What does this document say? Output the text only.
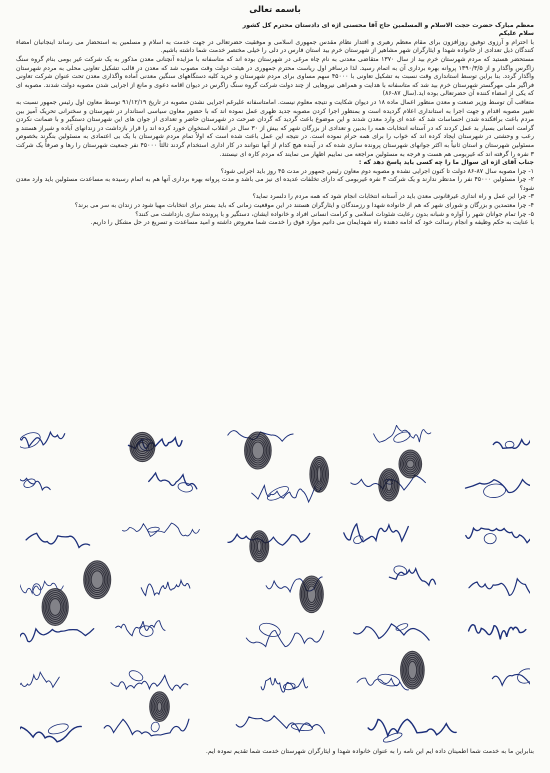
باسمه تعالی
معظم مبارک حضرت حجت الاسلام و المسلمین حاج آقا محسنی اژه ای دادستان محترم کل کشور
سلام علیکم

با احترام و آرزوی توفیق روزافزون برای مقام معظم رهبری و اقتدار نظام مقدس جمهوری اسلامی و موفقیت حضرتعالی در جهت خدمت به اسلام و مسلمین به استحضار می رساند اینجانبان امضاء کنندگان ذیل تعدادی از خانواده شهدا و ایثارگران شهر مشاهیر از شهرستان خرم بید استان فارس در دلی را خیلی مختصر خدمت شما داشته باشیم.

مستحضر هستید که مردم شهرستان خرم بید از سال ۱۳۷۰ متقاضی معدنی به نام چاه مرغی در شهرستان بوده اند که متاسفانه با مزایده آنچنانی معدن مذکور به یک شرکت غیر بومی بنام گروه سنگ زاگرس واگذار و از ۱۳۹۰/۳/۵ پروانه بهره برداری آن به اتمام رسید. لذا درسافر اول ریاست محترم جمهوری در هیئت دولت وقت مصوب شد که معدن در قالب تشکیل تعاونی محلی به مردم شهرستان واگذار گردد. بنا براین توسط استانداری وقت نسبت به تشکیل تعاونی با ۴۵۰۰۰ سهم مساوی برای مردم شهرستان و خرید کلیه دستگاههای سنگین معدنی آماده واگذاری معدن تحت عنوان شرکت تعاونی فراگیر ملی مهرگستر شهرستان خرم بید شد که متاسفانه با هدایت و همراهی نیروهایی از چند دولت شرکت گروه سنگ زاگرس در دیوان اقامه دعوی و مانع از اجرایی شدن مصوبه دولت شدند. مصوبه ای که یکی از امضاء کننده آن حضرتعالی بوده اید.(سال ۸۷-۸۶)

متعاقب آن توسط وزیر صنعت و معدن منظور اعمال ماده ۱۸ در دیوان شکایت و نتیجه معلوم نیست. امامتاسفانه علیرغم اجرایی نشدن مصوبه در تاریخ ۹۱/۱۲/۱۹ توسط معاون اول رئیس جمهور نسبت به تغییر مصوبه اقدام و جهت اجرا به استانداری اعلام گردیده است و بمنظور اجرا کردن مصوبه جدید ظهری عمل نموده اند که با حضور معاون سیاسی استاندار در شهرستان و سخنرانی تحریک آمیز بین مردم باعث برافکنده شدن احساسات شد که عده ای وارد معدن شدند و این موضوع باعث گردید که گردان صرحت در شهرستان حاضر و تعدادی از جوان های این شهرستان دستگیر و با ضمانت نکردن گرامت انسانی بسیار بد عمل کردند که در آستانه انتخابات همه را بدبین و تعدادی از بزرگان شهر که بیش از ۳۰ سال در انقلاب استخوان خورد کرده اند را قرار بازداشت در زندانهای آباده و شیراز هستند و رعب و وحشتی در شهرستان ایجاد کرده اند که خواب را برای همه حرام نموده است. در نتیجه این عمل باعث شده است که اولاً تمام مردم شهرستان با یک بی اعتمادی به مسئولین بنگرند بخصوص مسئولین شهرستان و استان ثانیاً به اکثر جوانهای شهرستان پرونده سازی شده که در آینده هیچ کدام از آنها نتوانند در کار اداری استخدام گردند ثالثاً ۴۵۰۰۰ نفر جمعیت شهرستان را رها و صرفاً یک شرکت ۳ نفره را گرفته اند که غیربومی هم هست و فرجه به مسئولین مراجعه می نماییم اظهار می نمایند که مردم کاره ای نیستند.

جناب آقای اژه ای سوال ما را چه کسی باید پاسخ دهد که :

۱- چرا مصوبه سال ۸۷-۸۶ دولت تا کنون اجرایی نشده و مصوبه دوم معاون رئیس جمهور در مدت ۴۵ روز باید اجرایی شود؟

۲- چرا مسئولین ۴۵۰۰۰ نفر را مدنظر ندارند و یک شرکت ۳ نفره غیربومی که دارای تخلفات عدیده ای نیز می باشد و مدت پروانه بهره برداری آنها هم به اتمام رسیده به مساعدت مسئولین باید وارد معدن شود؟

۳- چرا این عمل و راه اندازی غیرقانونی معدن باید در آستانه انتخابات انجام شود که همه مردم را دلسرد نماید؟

۴- چرا معتمدین و بزرگان و شورای شهر که هم از خانواده شهدا و رزمندگان و ایثارگران هستند در این موقعیت زمانی که باید بستر برای انتخابات مهیا شود در زندان به سر می برند؟

۵- چرا تمام جوانان شهر را آواره و شبانه بدون رعایت شئونات اسلامی و کرامت انسانی افراد و خانواده ایشان، دستگیر و با پرونده سازی بازداشت می کنند؟

با عنایت به حکم وظیفه و انجام رسالت خود که ادامه دهنده راه شهدایمان می دانیم موارد فوق را خدمت شما معروض داشته و امید مساعدت و تسریع در حل مشکل را داریم.

بنابراین ما به خدمت شما اطمینان داده ایم این نامه را به عنوان خانواده شهدا و ایثارگران شهرستان خدمت شما تقدیم نموده ایم.
